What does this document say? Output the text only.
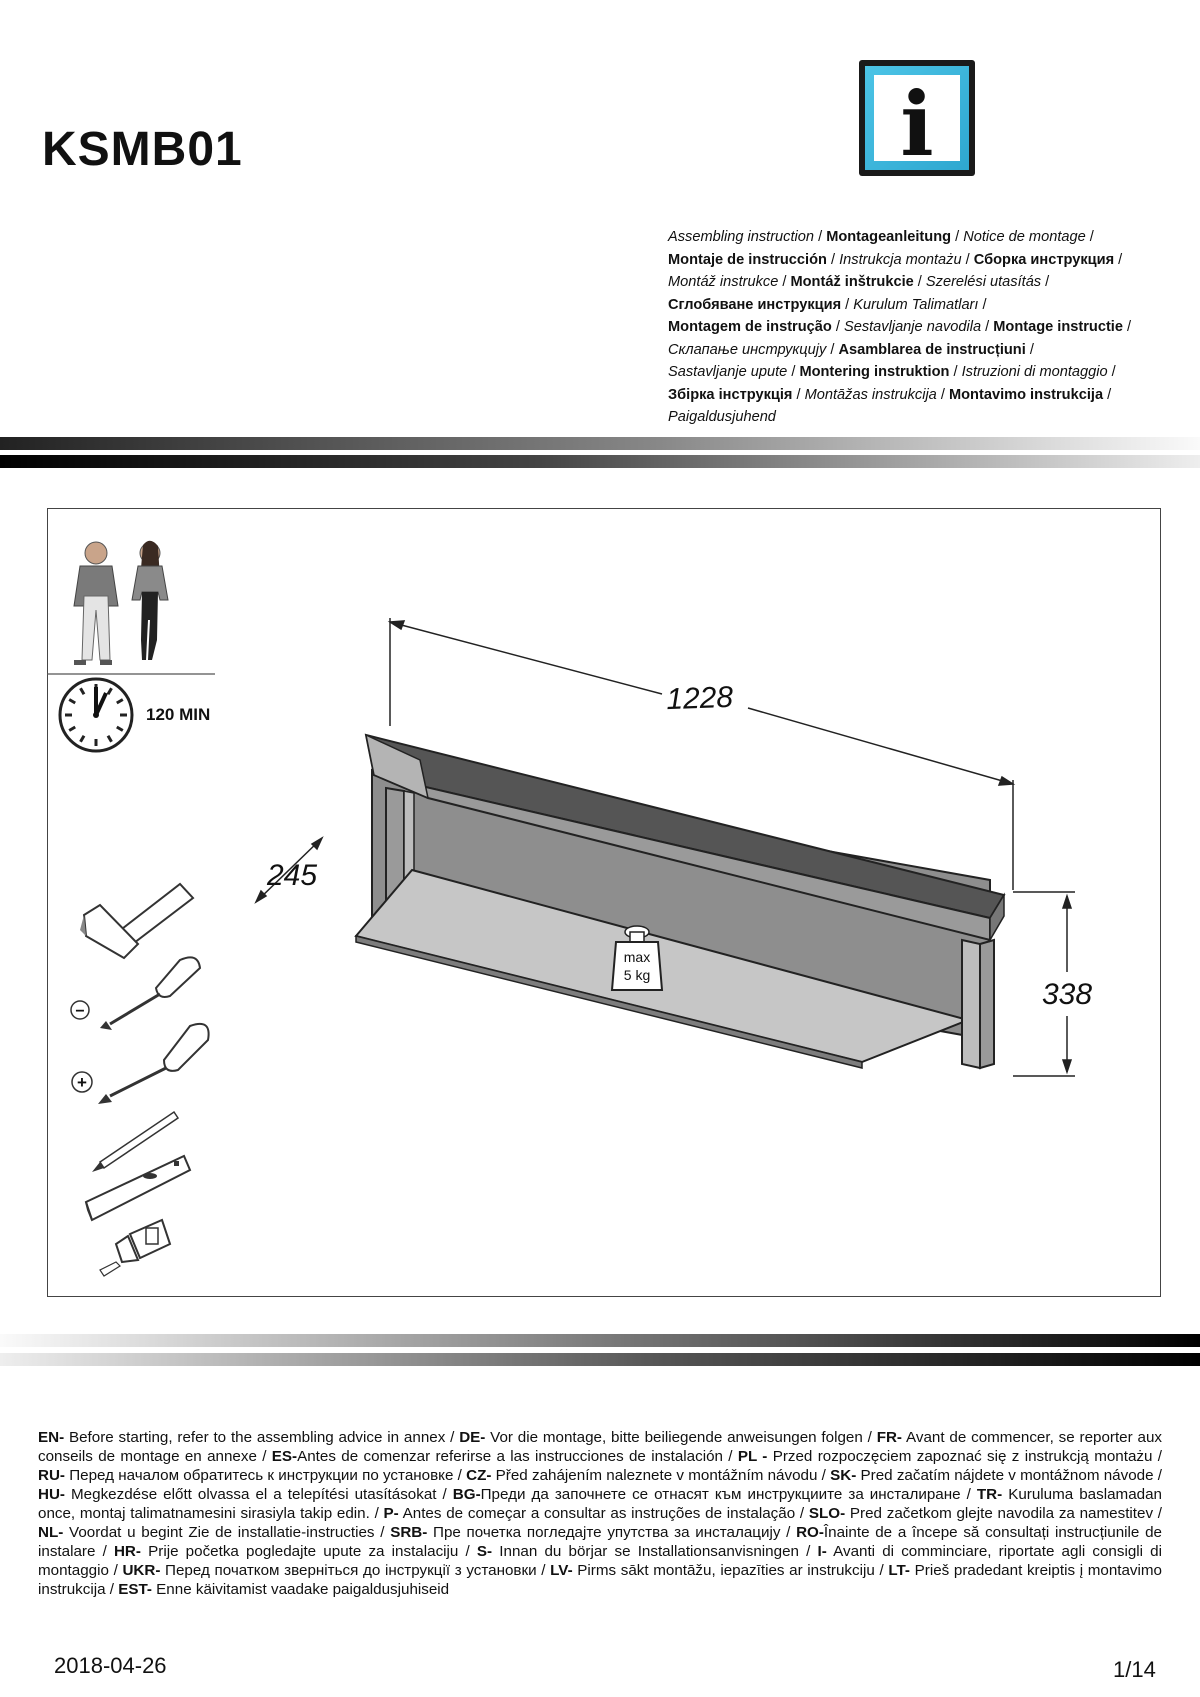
KSMB01	i
Assembling instruction / Montageanleitung / Notice de montage / Montaje de instrucción / Instrukcja montażu / Сборка инструкция / Montáž instrukce / Montáž inštrukcie / Szerelési utasítás / Сглобяване инструкция / Kurulum Talimatları / Montagem de instrução / Sestavljanje navodila / Montage instructie / Склапање инструкцију / Asamblarea de instrucțiuni / Sastavljanje upute / Montering instruktion / Istruzioni di montaggio / Збірка інструкція / Montāžas instrukcija / Montavimo instrukcija / Paigaldusjuhend
−
+
max
5 kg
1228
245
338
120 MIN
EN- Before starting, refer to the assembling advice in annex / DE- Vor die montage, bitte beiliegende anweisungen folgen / FR- Avant de commencer, se reporter aux conseils de montage en annexe / ES-Antes de comenzar referirse a las instrucciones de instalación / PL - Przed rozpoczęciem zapoznać się z instrukcją montażu / RU- Перед началом обратитесь к инструкции по установке / CZ- Před zahájením naleznete v montážním návodu / SK- Pred začatím nájdete v montážnom návode / HU- Megkezdése előtt olvassa el a telepítési utasításokat / BG-Преди да започнете се отнасят към инструкциите за инсталиране / TR- Kuruluma baslamadan once, montaj talimatnamesini sirasiyla takip edin. / P- Antes de começar a consultar as instruções de instalação / SLO- Pred začetkom glejte navodila za namestitev / NL- Voordat u begint Zie de installatie-instructies / SRB- Пре почетка погледајте упутства за инсталацију / RO-Înainte de a începe să consultați instrucțiunile de instalare / HR- Prije početka pogledajte upute za instalaciju / S- Innan du börjar se Installationsanvisningen / I- Avanti di comminciare, riportate agli consigli di montaggio / UKR- Перед початком зверніться до інструкції з установки / LV- Pirms sākt montāžu, iepazīties ar instrukciju / LT- Prieš pradedant kreiptis į montavimo instrukcija / EST- Enne käivitamist vaadake paigaldusjuhiseid
2018-04-26	1/14
